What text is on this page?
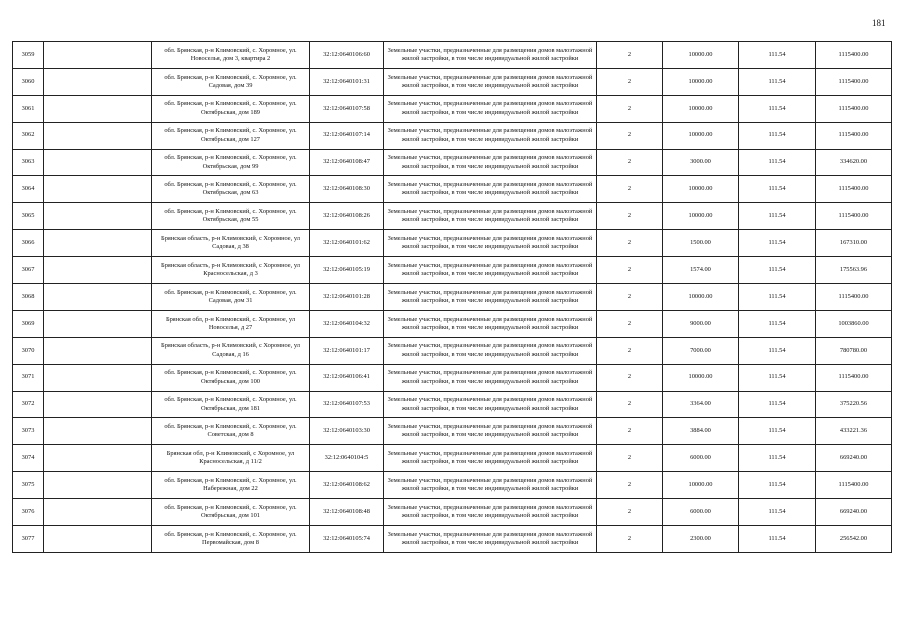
181
3059		обл. Брянская, р-н Климовский, с. Хоромное, ул. Новоселья, дом 3, квартира 2	32:12:0640106:60	Земельные участки, предназначенные для размещения домов малоэтажной жилой застройки, в том числе индивидуальной жилой застройки	2	10000.00	111.54	1115400.00
3060		обл. Брянская, р-н Климовский, с. Хоромное, ул. Садовая, дом 39	32:12:0640101:31	Земельные участки, предназначенные для размещения домов малоэтажной жилой застройки, в том числе индивидуальной жилой застройки	2	10000.00	111.54	1115400.00
3061		обл. Брянская, р-н Климовский, с. Хоромное, ул. Октябрьская, дом 189	32:12:0640107:58	Земельные участки, предназначенные для размещения домов малоэтажной жилой застройки, в том числе индивидуальной жилой застройки	2	10000.00	111.54	1115400.00
3062		обл. Брянская, р-н Климовский, с. Хоромное, ул. Октябрьская, дом 127	32:12:0640107:14	Земельные участки, предназначенные для размещения домов малоэтажной жилой застройки, в том числе индивидуальной жилой застройки	2	10000.00	111.54	1115400.00
3063		обл. Брянская, р-н Климовский, с. Хоромное, ул. Октябрьская, дом 99	32:12:0640108:47	Земельные участки, предназначенные для размещения домов малоэтажной жилой застройки, в том числе индивидуальной жилой застройки	2	3000.00	111.54	334620.00
3064		обл. Брянская, р-н Климовский, с. Хоромное, ул. Октябрьская, дом 63	32:12:0640108:30	Земельные участки, предназначенные для размещения домов малоэтажной жилой застройки, в том числе индивидуальной жилой застройки	2	10000.00	111.54	1115400.00
3065		обл. Брянская, р-н Климовский, с. Хоромное, ул. Октябрьская, дом 55	32:12:0640108:26	Земельные участки, предназначенные для размещения домов малоэтажной жилой застройки, в том числе индивидуальной жилой застройки	2	10000.00	111.54	1115400.00
3066		Брянская область, р-н Климовский, с Хоромное, ул Садовая, д 38	32:12:0640101:62	Земельные участки, предназначенные для размещения домов малоэтажной жилой застройки, в том числе индивидуальной жилой застройки	2	1500.00	111.54	167310.00
3067		Брянская область, р-н Климовский, с Хоромное, ул Красносельская, д 3	32:12:0640105:19	Земельные участки, предназначенные для размещения домов малоэтажной жилой застройки, в том числе индивидуальной жилой застройки	2	1574.00	111.54	175563.96
3068		обл. Брянская, р-н Климовский, с. Хоромное, ул. Садовая, дом 31	32:12:0640101:28	Земельные участки, предназначенные для размещения домов малоэтажной жилой застройки, в том числе индивидуальной жилой застройки	2	10000.00	111.54	1115400.00
3069		Брянская обл, р-н Климовский, с. Хоромное, ул Новоселья, д 27	32:12:0640104:32	Земельные участки, предназначенные для размещения домов малоэтажной жилой застройки, в том числе индивидуальной жилой застройки	2	9000.00	111.54	1003860.00
3070		Брянская область, р-н Климовский, с Хоромное, ул Садовая, д 16	32:12:0640101:17	Земельные участки, предназначенные для размещения домов малоэтажной жилой застройки, в том числе индивидуальной жилой застройки	2	7000.00	111.54	780780.00
3071		обл. Брянская, р-н Климовский, с. Хоромное, ул. Октябрьская, дом 100	32:12:0640106:41	Земельные участки, предназначенные для размещения домов малоэтажной жилой застройки, в том числе индивидуальной жилой застройки	2	10000.00	111.54	1115400.00
3072		обл. Брянская, р-н Климовский, с. Хоромное, ул. Октябрьская, дом 181	32:12:0640107:53	Земельные участки, предназначенные для размещения домов малоэтажной жилой застройки, в том числе индивидуальной жилой застройки	2	3364.00	111.54	375220.56
3073		обл. Брянская, р-н Климовский, с. Хоромное, ул. Советская, дом 8	32:12:0640103:30	Земельные участки, предназначенные для размещения домов малоэтажной жилой застройки, в том числе индивидуальной жилой застройки	2	3884.00	111.54	433221.36
3074		Брянская обл, р-н Климовский, с Хоромное, ул Красносельская, д 11/2	32:12:0640104:5	Земельные участки, предназначенные для размещения домов малоэтажной жилой застройки, в том числе индивидуальной жилой застройки	2	6000.00	111.54	669240.00
3075		обл. Брянская, р-н Климовский, с. Хоромное, ул. Набережная, дом 22	32:12:0640108:62	Земельные участки, предназначенные для размещения домов малоэтажной жилой застройки, в том числе индивидуальной жилой застройки	2	10000.00	111.54	1115400.00
3076		обл. Брянская, р-н Климовский, с. Хоромное, ул. Октябрьская, дом 101	32:12:0640108:48	Земельные участки, предназначенные для размещения домов малоэтажной жилой застройки, в том числе индивидуальной жилой застройки	2	6000.00	111.54	669240.00
3077		обл. Брянская, р-н Климовский, с. Хоромное, ул. Первомайская, дом 8	32:12:0640105:74	Земельные участки, предназначенные для размещения домов малоэтажной жилой застройки, в том числе индивидуальной жилой застройки	2	2300.00	111.54	256542.00
